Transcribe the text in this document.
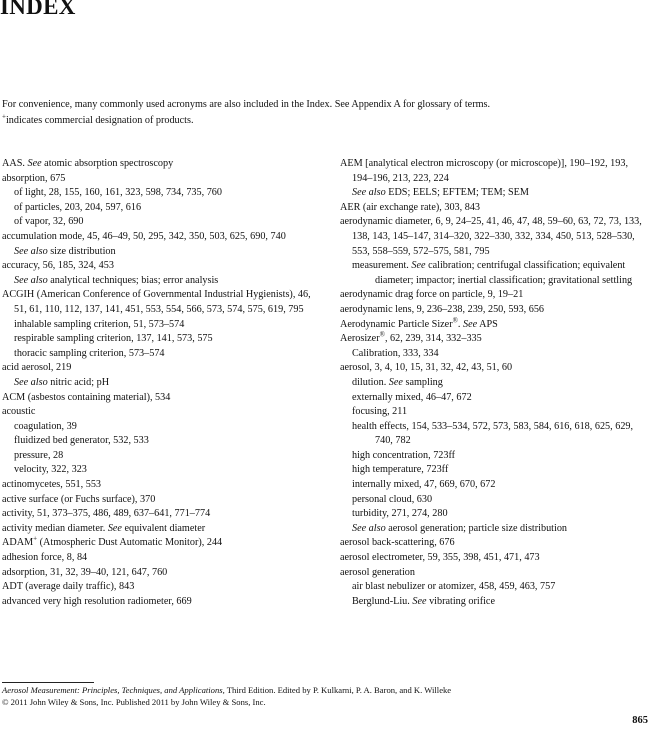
INDEX

For convenience, many commonly used acronyms are also included in the Index. See Appendix A for glossary of terms.

+indicates commercial designation of products.

AAS. See atomic absorption spectroscopy

absorption, 675

of light, 28, 155, 160, 161, 323, 598, 734, 735, 760

of particles, 203, 204, 597, 616

of vapor, 32, 690

accumulation mode, 45, 46–49, 50, 295, 342, 350, 503, 625, 690, 740

See also size distribution

accuracy, 56, 185, 324, 453

See also analytical techniques; bias; error analysis

ACGIH (American Conference of Governmental Industrial Hygienists), 46, 51, 61, 110, 112, 137, 141, 451, 553, 554, 566, 573, 574, 575, 619, 795

inhalable sampling criterion, 51, 573–574

respirable sampling criterion, 137, 141, 573, 575

thoracic sampling criterion, 573–574

acid aerosol, 219

See also nitric acid; pH

ACM (asbestos containing material), 534

acoustic

coagulation, 39

fluidized bed generator, 532, 533

pressure, 28

velocity, 322, 323

actinomycetes, 551, 553

active surface (or Fuchs surface), 370

activity, 51, 373–375, 486, 489, 637–641, 771–774

activity median diameter. See equivalent diameter

ADAM+ (Atmospheric Dust Automatic Monitor), 244

adhesion force, 8, 84

adsorption, 31, 32, 39–40, 121, 647, 760

ADT (average daily traffic), 843

advanced very high resolution radiometer, 669

AEM [analytical electron microscopy (or microscope)], 190–192, 193, 194–196, 213, 223, 224

See also EDS; EELS; EFTEM; TEM; SEM

AER (air exchange rate), 303, 843

aerodynamic diameter, 6, 9, 24–25, 41, 46, 47, 48, 59–60, 63, 72, 73, 133, 138, 143, 145–147, 314–320, 322–330, 332, 334, 450, 513, 528–530, 553, 558–559, 572–575, 581, 795

measurement. See calibration; centrifugal classification; equivalent diameter; impactor; inertial classification; gravitational settling

aerodynamic drag force on particle, 9, 19–21

aerodynamic lens, 9, 236–238, 239, 250, 593, 656

Aerodynamic Particle Sizer®. See APS

Aerosizer®, 62, 239, 314, 332–335

Calibration, 333, 334

aerosol, 3, 4, 10, 15, 31, 32, 42, 43, 51, 60

dilution. See sampling

externally mixed, 46–47, 672

focusing, 211

health effects, 154, 533–534, 572, 573, 583, 584, 616, 618, 625, 629, 740, 782

high concentration, 723ff

high temperature, 723ff

internally mixed, 47, 669, 670, 672

personal cloud, 630

turbidity, 271, 274, 280

See also aerosol generation; particle size distribution

aerosol back-scattering, 676

aerosol electrometer, 59, 355, 398, 451, 471, 473

aerosol generation

air blast nebulizer or atomizer, 458, 459, 463, 757

Berglund-Liu. See vibrating orifice

Aerosol Measurement: Principles, Techniques, and Applications, Third Edition. Edited by P. Kulkarni, P. A. Baron, and K. Willeke

© 2011 John Wiley & Sons, Inc. Published 2011 by John Wiley & Sons, Inc.

865
